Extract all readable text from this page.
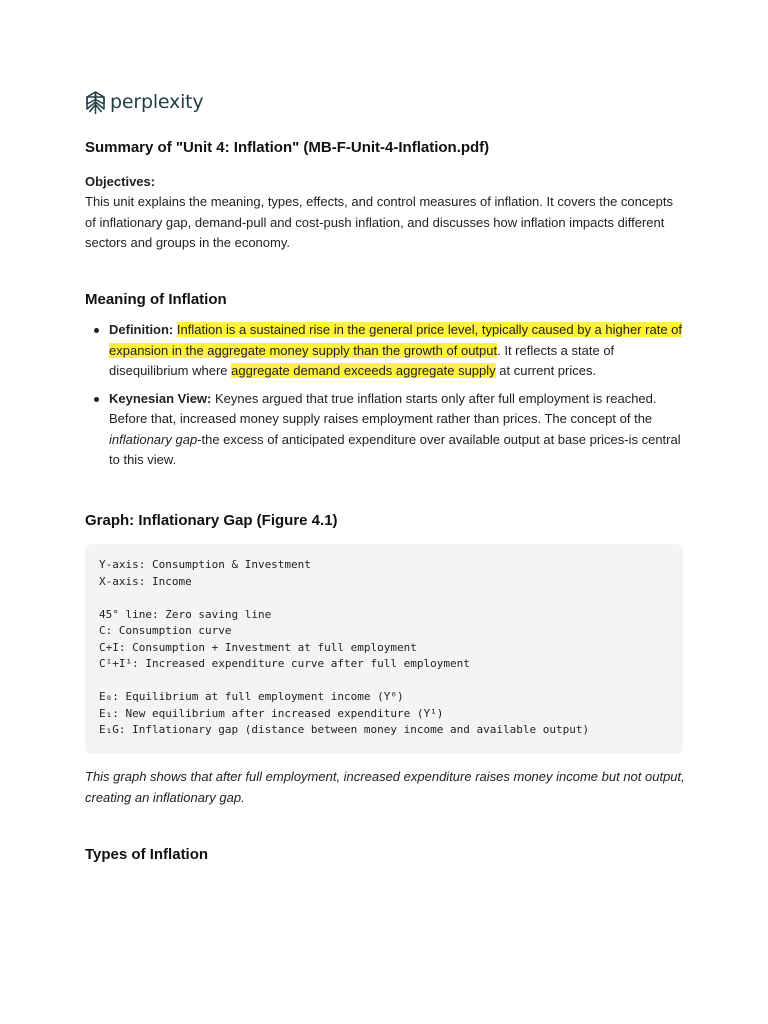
perplexity
Summary of "Unit 4: Inflation" (MB-F-Unit-4-Inflation.pdf)
Objectives:

This unit explains the meaning, types, effects, and control measures of inflation. It covers the concepts of inflationary gap, demand-pull and cost-push inflation, and discusses how inflation impacts different sectors and groups in the economy.

Meaning of Inflation
Definition: Inflation is a sustained rise in the general price level, typically caused by a higher rate of expansion in the aggregate money supply than the growth of output. It reflects a state of disequilibrium where aggregate demand exceeds aggregate supply at current prices.
Keynesian View: Keynes argued that true inflation starts only after full employment is reached. Before that, increased money supply raises employment rather than prices. The concept of the inflationary gap-the excess of anticipated expenditure over available output at base prices-is central to this view.
Graph: Inflationary Gap (Figure 4.1)
Y-axis: Consumption & Investment
X-axis: Income
45° line: Zero saving line
C: Consumption curve
C+I: Consumption + Investment at full employment
C¹+I¹: Increased expenditure curve after full employment
E₀: Equilibrium at full employment income (Y⁰)
E₁: New equilibrium after increased expenditure (Y¹)
E₁G: Inflationary gap (distance between money income and available output)
This graph shows that after full employment, increased expenditure raises money income but not output, creating an inflationary gap.
Types of Inflation
